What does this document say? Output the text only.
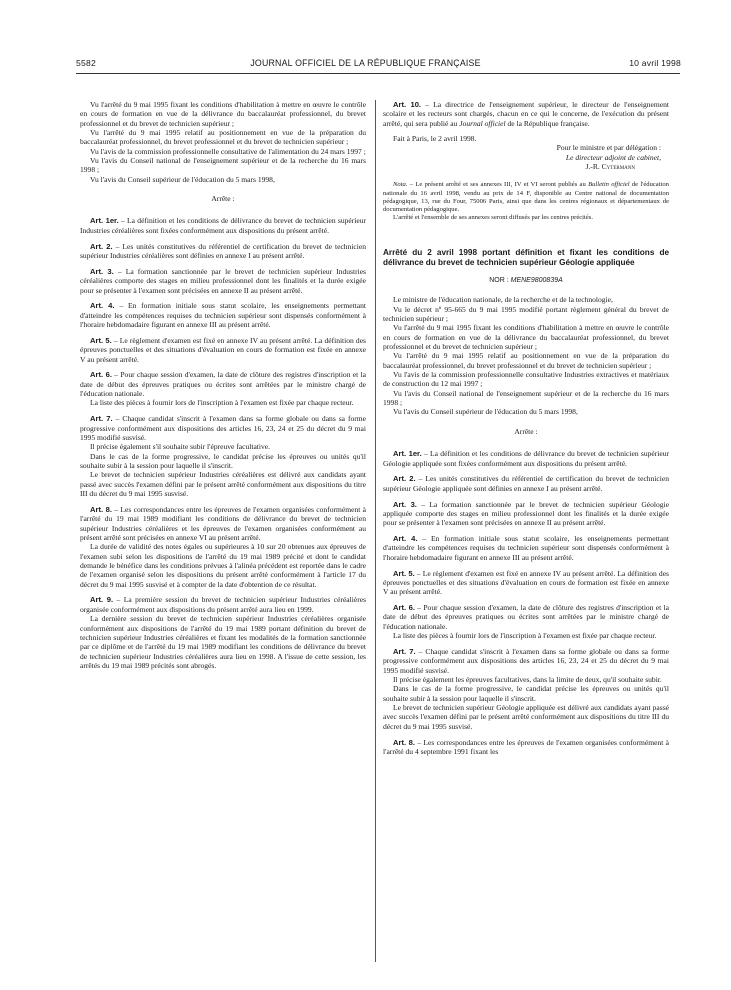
5582	JOURNAL OFFICIEL DE LA RÉPUBLIQUE FRANÇAISE	10 avril 1998

Vu l'arrêté du 9 mai 1995 fixant les conditions d'habilitation à mettre en œuvre le contrôle en cours de formation en vue de la délivrance du baccalauréat professionnel, du brevet professionnel et du brevet de technicien supérieur ;

Vu l'arrêté du 9 mai 1995 relatif au positionnement en vue de la préparation du baccalauréat professionnel, du brevet professionnel et du brevet de technicien supérieur ;

Vu l'avis de la commission professionnelle consultative de l'alimentation du 24 mars 1997 ;

Vu l'avis du Conseil national de l'enseignement supérieur et de la recherche du 16 mars 1998 ;

Vu l'avis du Conseil supérieur de l'éducation du 5 mars 1998,

Arrête :

Art. 1er. – La définition et les conditions de délivrance du brevet de technicien supérieur Industries céréalières sont fixées conformément aux dispositions du présent arrêté.

Art. 2. – Les unités constitutives du référentiel de certification du brevet de technicien supérieur Industries céréalières sont définies en annexe I au présent arrêté.

Art. 3. – La formation sanctionnée par le brevet de technicien supérieur Industries céréalières comporte des stages en milieu professionnel dont les finalités et la durée exigée pour se présenter à l'examen sont précisées en annexe II au présent arrêté.

Art. 4. – En formation initiale sous statut scolaire, les enseignements permettant d'atteindre les compétences requises du technicien supérieur sont dispensés conformément à l'horaire hebdomadaire figurant en annexe III au présent arrêté.

Art. 5. – Le règlement d'examen est fixé en annexe IV au présent arrêté. La définition des épreuves ponctuelles et des situations d'évaluation en cours de formation est fixée en annexe V au présent arrêté.

Art. 6. – Pour chaque session d'examen, la date de clôture des registres d'inscription et la date de début des épreuves pratiques ou écrites sont arrêtées par le ministre chargé de l'éducation nationale.

La liste des pièces à fournir lors de l'inscription à l'examen est fixée par chaque recteur.

Art. 7. – Chaque candidat s'inscrit à l'examen dans sa forme globale ou dans sa forme progressive conformément aux dispositions des articles 16, 23, 24 et 25 du décret du 9 mai 1995 modifié susvisé.

Il précise également s'il souhaite subir l'épreuve facultative.

Dans le cas de la forme progressive, le candidat précise les épreuves ou unités qu'il souhaite subir à la session pour laquelle il s'inscrit.

Le brevet de technicien supérieur Industries céréalières est délivré aux candidats ayant passé avec succès l'examen défini par le présent arrêté conformément aux dispositions du titre III du décret du 9 mai 1995 susvisé.

Art. 8. – Les correspondances entre les épreuves de l'examen organisées conformément à l'arrêté du 19 mai 1989 modifiant les conditions de délivrance du brevet de technicien supérieur Industries céréalières et les épreuves de l'examen organisées conformément au présent arrêté sont précisées en annexe VI au présent arrêté.

La durée de validité des notes égales ou supérieures à 10 sur 20 obtenues aux épreuves de l'examen subi selon les dispositions de l'arrêté du 19 mai 1989 précité et dont le candidat demande le bénéfice dans les conditions prévues à l'alinéa précédent est reportée dans le cadre de l'examen organisé selon les dispositions du présent arrêté conformément à l'article 17 du décret du 9 mai 1995 susvisé et à compter de la date d'obtention de ce résultat.

Art. 9. – La première session du brevet de technicien supérieur Industries céréalières organisée conformément aux dispositions du présent arrêté aura lieu en 1999.

La dernière session du brevet de technicien supérieur Industries céréalières organisée conformément aux dispositions de l'arrêté du 19 mai 1989 portant définition du brevet de technicien supérieur Industries céréalières et fixant les modalités de la formation sanctionnée par ce diplôme et de l'arrêté du 19 mai 1989 modifiant les conditions de délivrance du brevet de technicien supérieur Industries céréalières aura lieu en 1998. A l'issue de cette session, les arrêtés du 19 mai 1989 précités sont abrogés.

Art. 10. – La directrice de l'enseignement supérieur, le directeur de l'enseignement scolaire et les recteurs sont chargés, chacun en ce qui le concerne, de l'exécution du présent arrêté, qui sera publié au Journal officiel de la République française.

Fait à Paris, le 2 avril 1998.

Pour le ministre et par délégation :

Le directeur adjoint de cabinet,

J.-R. Cytermann

Nota. – Le présent arrêté et ses annexes III, IV et VI seront publiés au Bulletin officiel de l'éducation nationale du 16 avril 1998, vendu au prix de 14 F, disponible au Centre national de documentation pédagogique, 13, rue du Four, 75006 Paris, ainsi que dans les centres régionaux et départementaux de documentation pédagogique.

L'arrêté et l'ensemble de ses annexes seront diffusés par les centres précités.

Arrêté du 2 avril 1998 portant définition et fixant les conditions de délivrance du brevet de technicien supérieur Géologie appliquée

NOR : MENE9800839A

Le ministre de l'éducation nationale, de la recherche et de la technologie,

Vu le décret nº 95-665 du 9 mai 1995 modifié portant règlement général du brevet de technicien supérieur ;

Vu l'arrêté du 9 mai 1995 fixant les conditions d'habilitation à mettre en œuvre le contrôle en cours de formation en vue de la délivrance du baccalauréat professionnel, du brevet professionnel et du brevet de technicien supérieur ;

Vu l'arrêté du 9 mai 1995 relatif au positionnement en vue de la préparation du baccalauréat professionnel, du brevet professionnel et du brevet de technicien supérieur ;

Vu l'avis de la commission professionnelle consultative Industries extractives et matériaux de construction du 12 mai 1997 ;

Vu l'avis du Conseil national de l'enseignement supérieur et de la recherche du 16 mars 1998 ;

Vu l'avis du Conseil supérieur de l'éducation du 5 mars 1998,

Arrête :

Art. 1er. – La définition et les conditions de délivrance du brevet de technicien supérieur Géologie appliquée sont fixées conformément aux dispositions du présent arrêté.

Art. 2. – Les unités constitutives du référentiel de certification du brevet de technicien supérieur Géologie appliquée sont définies en annexe I au présent arrêté.

Art. 3. – La formation sanctionnée par le brevet de technicien supérieur Géologie appliquée comporte des stages en milieu professionnel dont les finalités et la durée exigée pour se présenter à l'examen sont précisées en annexe II au présent arrêté.

Art. 4. – En formation initiale sous statut scolaire, les enseignements permettant d'atteindre les compétences requises du technicien supérieur sont dispensés conformément à l'horaire hebdomadaire figurant en annexe III au présent arrêté.

Art. 5. – Le règlement d'examen est fixé en annexe IV au présent arrêté. La définition des épreuves ponctuelles et des situations d'évaluation en cours de formation est fixée en annexe V au présent arrêté.

Art. 6. – Pour chaque session d'examen, la date de clôture des registres d'inscription et la date de début des épreuves pratiques ou écrites sont arrêtées par le ministre chargé de l'éducation nationale.

La liste des pièces à fournir lors de l'inscription à l'examen est fixée par chaque recteur.

Art. 7. – Chaque candidat s'inscrit à l'examen dans sa forme globale ou dans sa forme progressive conformément aux dispositions des articles 16, 23, 24 et 25 du décret du 9 mai 1995 modifié susvisé.

Il précise également les épreuves facultatives, dans la limite de deux, qu'il souhaite subir.

Dans le cas de la forme progressive, le candidat précise les épreuves ou unités qu'il souhaite subir à la session pour laquelle il s'inscrit.

Le brevet de technicien supérieur Géologie appliquée est délivré aux candidats ayant passé avec succès l'examen défini par le présent arrêté conformément aux dispositions du titre III du décret du 9 mai 1995 susvisé.

Art. 8. – Les correspondances entre les épreuves de l'examen organisées conformément à l'arrêté du 4 septembre 1991 fixant les
